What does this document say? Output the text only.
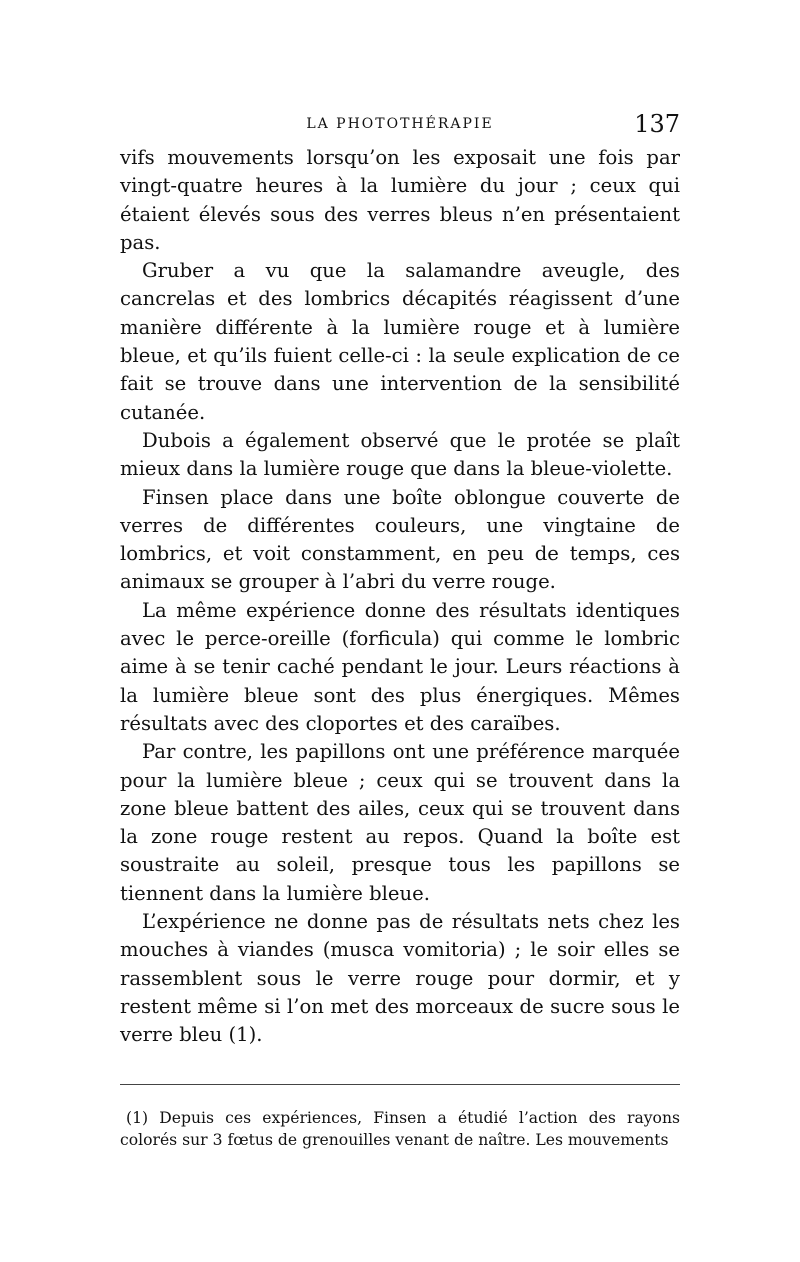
LA PHOTOTHÉRAPIE	137

vifs mouvements lorsqu’on les exposait une fois par vingt-quatre heures à la lumière du jour ; ceux qui étaient élevés sous des verres bleus n’en présentaient pas.

Gruber a vu que la salamandre aveugle, des cancrelas et des lombrics décapités réagissent d’une manière différente à la lumière rouge et à lumière bleue, et qu’ils fuient celle-ci : la seule explication de ce fait se trouve dans une intervention de la sensibilité cutanée.

Dubois a également observé que le protée se plaît mieux dans la lumière rouge que dans la bleue-violette.

Finsen place dans une boîte oblongue couverte de verres de différentes couleurs, une vingtaine de lombrics, et voit constamment, en peu de temps, ces animaux se grouper à l’abri du verre rouge.

La même expérience donne des résultats identiques avec le perce-oreille (forficula) qui comme le lombric aime à se tenir caché pendant le jour. Leurs réactions à la lumière bleue sont des plus énergiques. Mêmes résultats avec des cloportes et des caraïbes.

Par contre, les papillons ont une préférence marquée pour la lumière bleue ; ceux qui se trouvent dans la zone bleue battent des ailes, ceux qui se trouvent dans la zone rouge restent au repos. Quand la boîte est soustraite au soleil, presque tous les papillons se tiennent dans la lumière bleue.

L’expérience ne donne pas de résultats nets chez les mouches à viandes (musca vomitoria) ; le soir elles se rassemblent sous le verre rouge pour dormir, et y restent même si l’on met des morceaux de sucre sous le verre bleu (1).

(1) Depuis ces expériences, Finsen a étudié l’action des rayons colorés sur 3 fœtus de grenouilles venant de naître. Les mouvements
